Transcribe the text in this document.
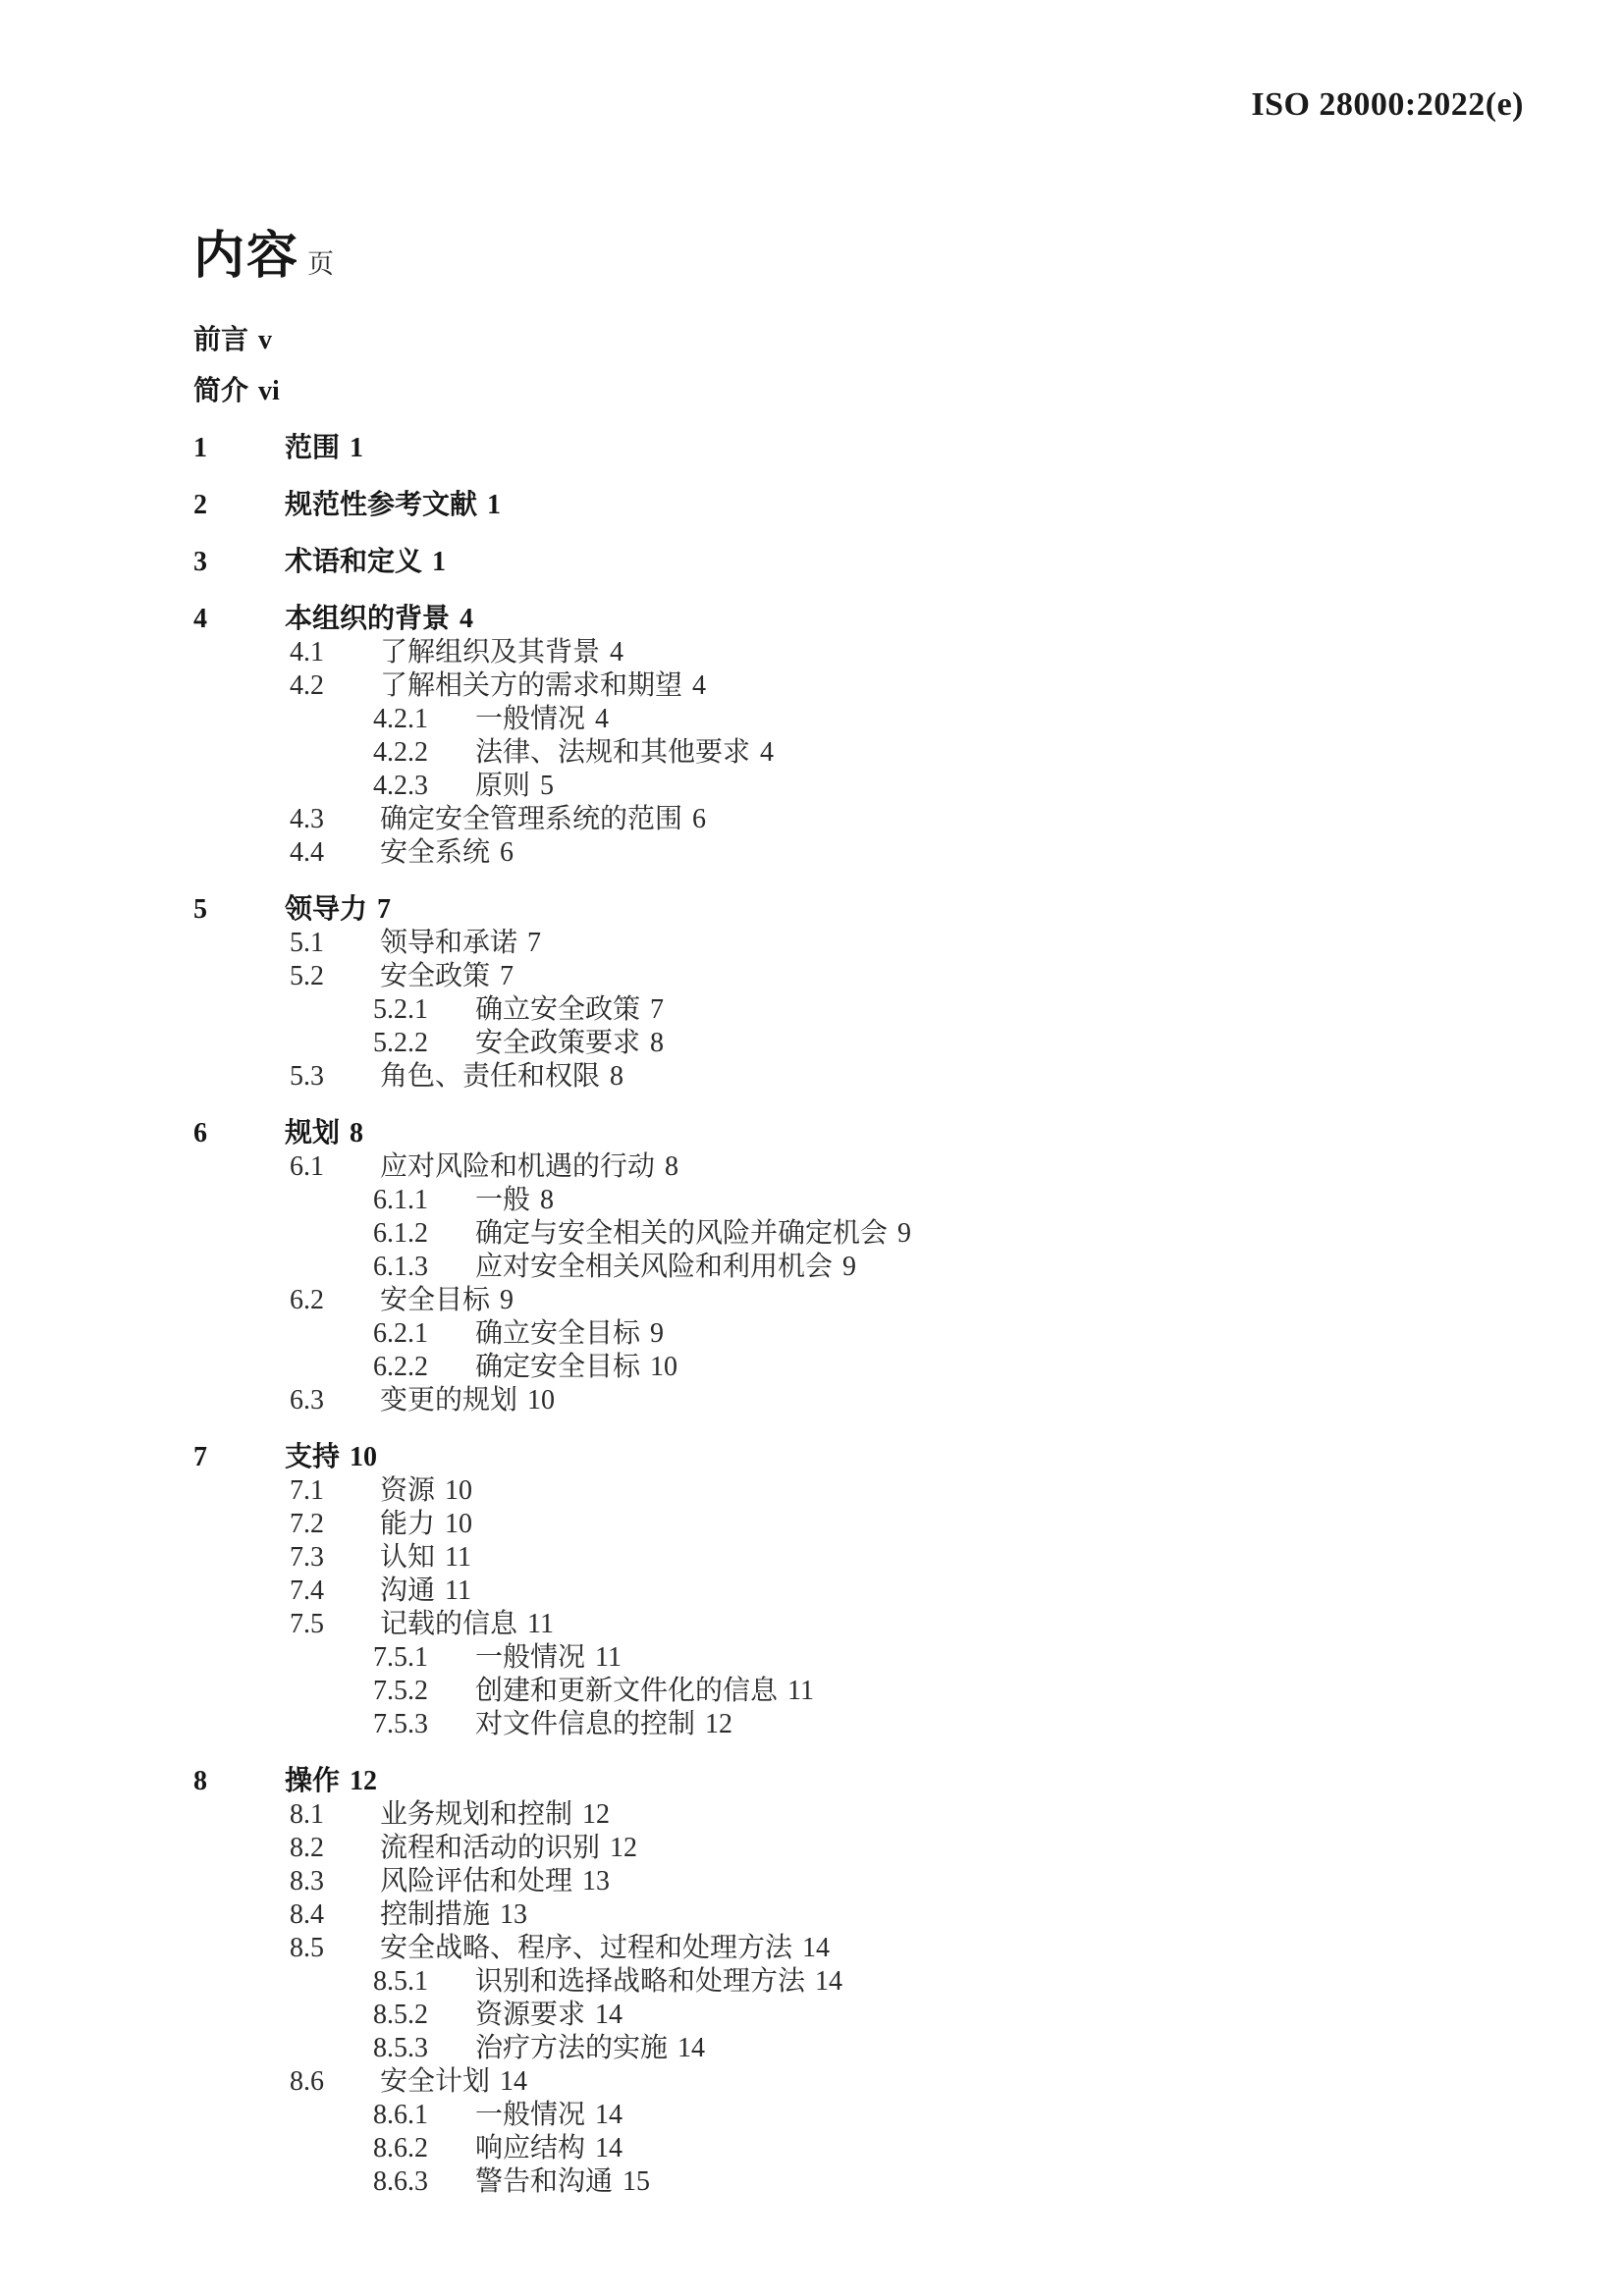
ISO 28000:2022(e)
内容 页
前言 v
简介 vi
1	范围 1
2	规范性参考文献 1
3	术语和定义 1
4	本组织的背景 4
4.1	了解组织及其背景 4
4.2	了解相关方的需求和期望 4
4.2.1	一般情况 4
4.2.2	法律、法规和其他要求 4
4.2.3	原则 5
4.3	确定安全管理系统的范围 6
4.4	安全系统 6
5	领导力 7
5.1	领导和承诺 7
5.2	安全政策 7
5.2.1	确立安全政策 7
5.2.2	安全政策要求 8
5.3	角色、责任和权限 8
6	规划 8
6.1	应对风险和机遇的行动 8
6.1.1	一般 8
6.1.2	确定与安全相关的风险并确定机会 9
6.1.3	应对安全相关风险和利用机会 9
6.2	安全目标 9
6.2.1	确立安全目标 9
6.2.2	确定安全目标 10
6.3	变更的规划 10
7	支持 10
7.1	资源 10
7.2	能力 10
7.3	认知 11
7.4	沟通 11
7.5	记载的信息 11
7.5.1	一般情况 11
7.5.2	创建和更新文件化的信息 11
7.5.3	对文件信息的控制 12
8	操作 12
8.1	业务规划和控制 12
8.2	流程和活动的识别 12
8.3	风险评估和处理 13
8.4	控制措施 13
8.5	安全战略、程序、过程和处理方法 14
8.5.1	识别和选择战略和处理方法 14
8.5.2	资源要求 14
8.5.3	治疗方法的实施 14
8.6	安全计划 14
8.6.1	一般情况 14
8.6.2	响应结构 14
8.6.3	警告和沟通 15
